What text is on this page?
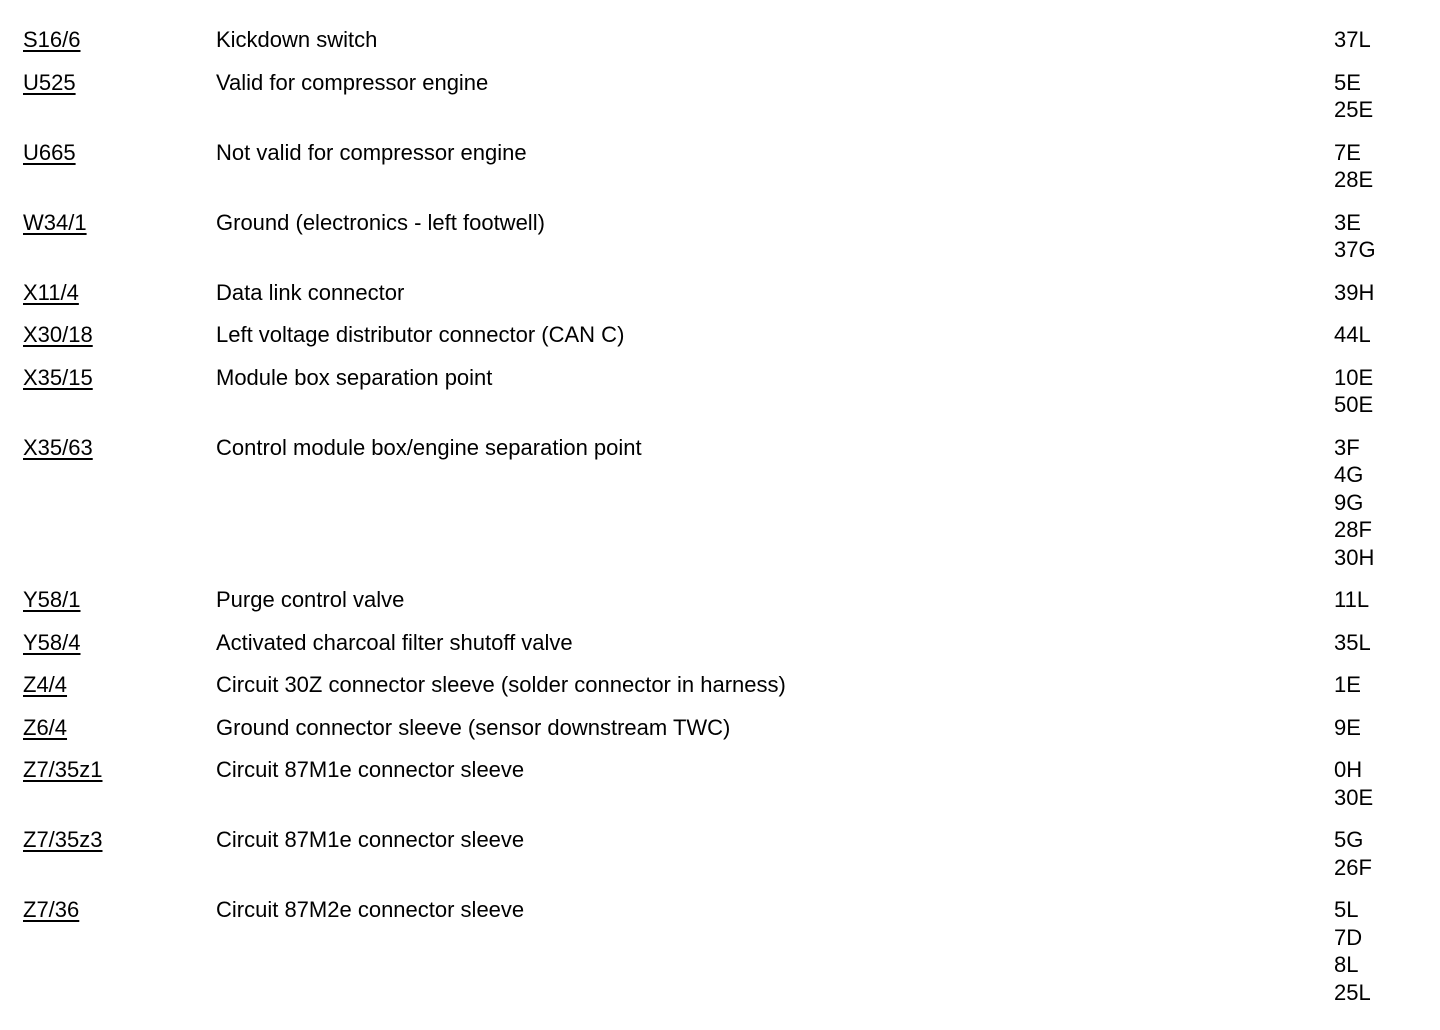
S16/6	Kickdown switch	37L
U525	Valid for compressor engine	5E
25E
U665	Not valid for compressor engine	7E
28E
W34/1	Ground (electronics - left footwell)	3E
37G
X11/4	Data link connector	39H
X30/18	Left voltage distributor connector (CAN C)	44L
X35/15	Module box separation point	10E
50E
X35/63	Control module box/engine separation point	3F
4G
9G
28F
30H
Y58/1	Purge control valve	11L
Y58/4	Activated charcoal filter shutoff valve	35L
Z4/4	Circuit 30Z connector sleeve (solder connector in harness)	1E
Z6/4	Ground connector sleeve (sensor downstream TWC)	9E
Z7/35z1	Circuit 87M1e connector sleeve	0H
30E
Z7/35z3	Circuit 87M1e connector sleeve	5G
26F
Z7/36	Circuit 87M2e connector sleeve	5L
7D
8L
25L
